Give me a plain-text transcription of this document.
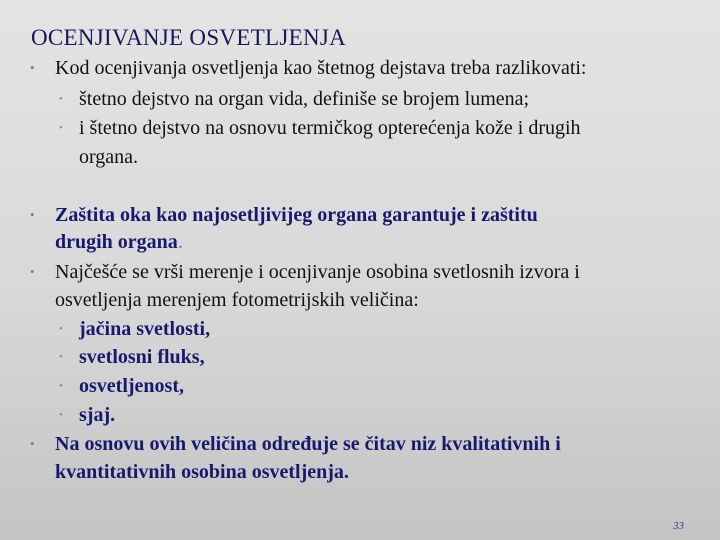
OCENJIVANJE OSVETLJENJA
• Kod ocenjivanja osvetljenja kao štetnog dejstava treba razlikovati:
• štetno dejstvo na organ vida, definiše se brojem lumena;
• i štetno dejstvo na osnovu termičkog opterećenja kože i drugih
organa.
• Zaštita oka kao najosetljivijeg organa garantuje i zaštitu
drugih organa.
• Najčešće se vrši merenje i ocenjivanje osobina svetlosnih izvora i
osvetljenja merenjem fotometrijskih veličina:
• jačina svetlosti,
• svetlosni fluks,
• osvetljenost,
• sjaj.
• Na osnovu ovih veličina određuje se čitav niz kvalitativnih i
kvantitativnih osobina osvetljenja.
33
